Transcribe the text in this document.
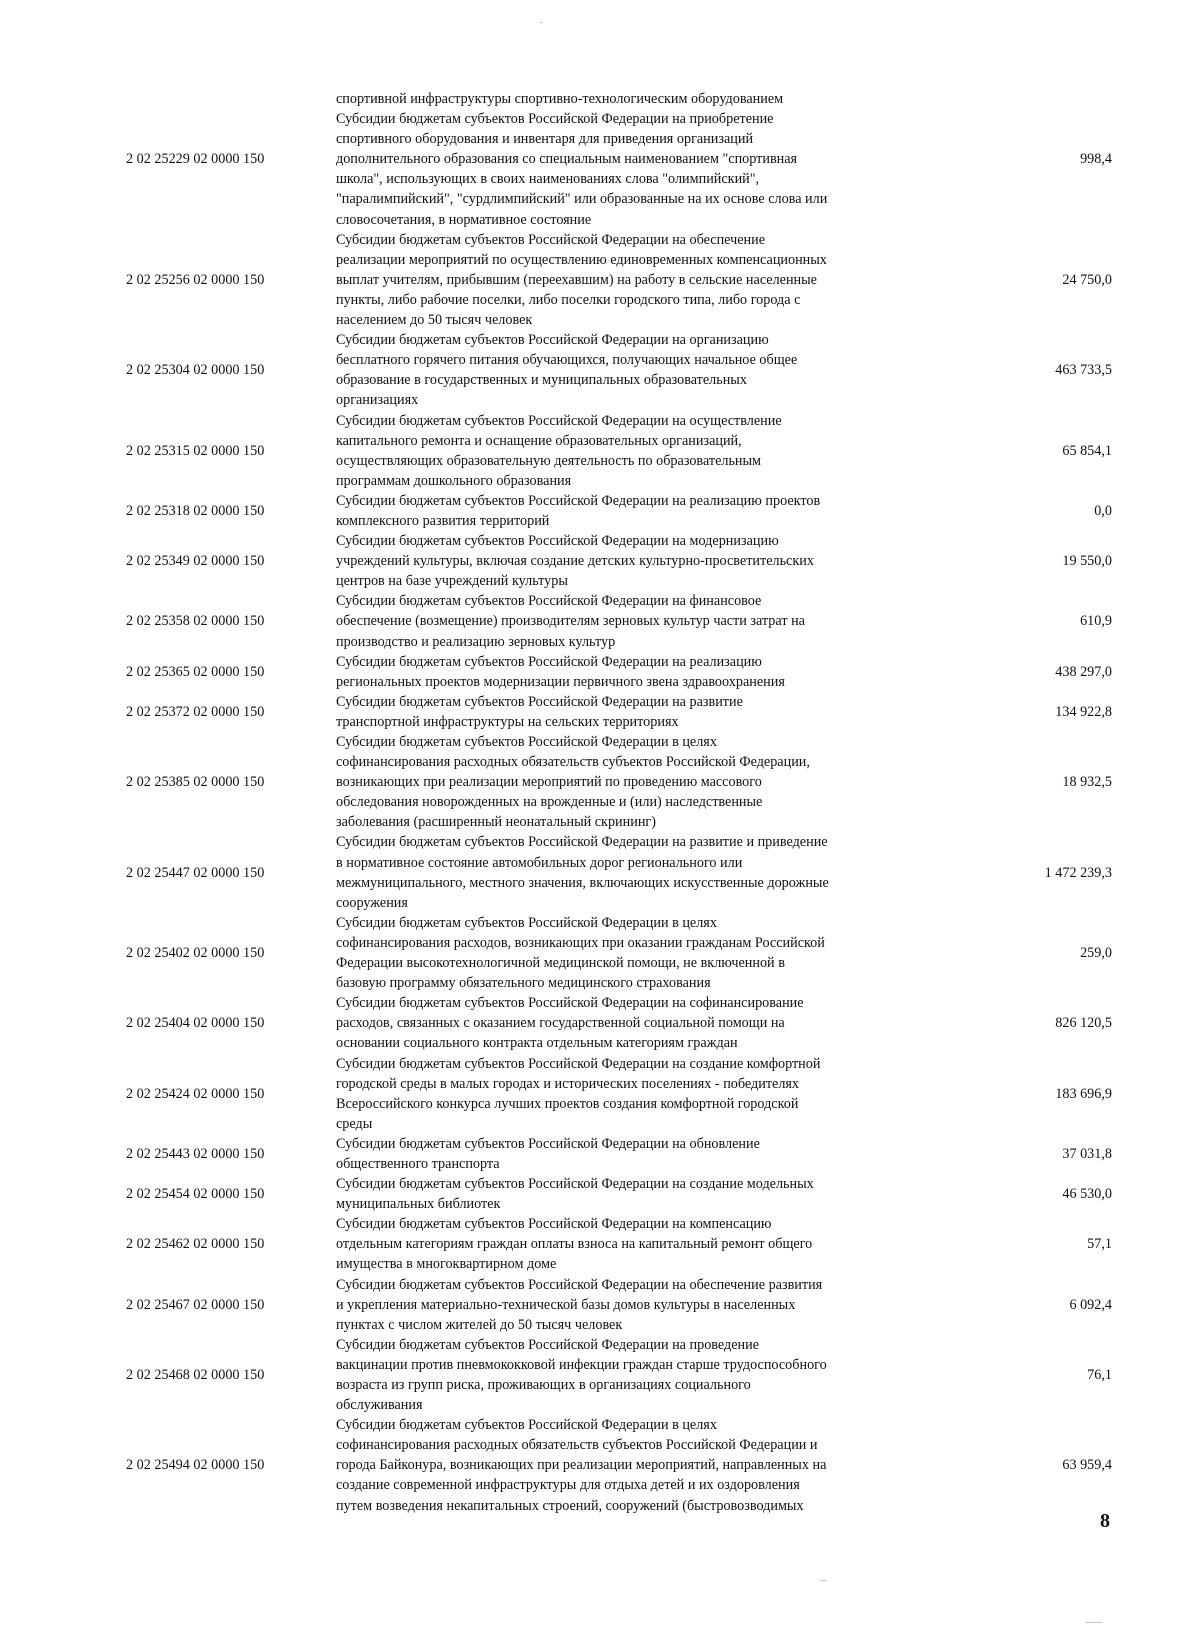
2 02 25229 02 0000 150
спортивной инфраструктуры спортивно-технологическим оборудованием
Субсидии бюджетам субъектов Российской Федерации на приобретение
спортивного оборудования и инвентаря для приведения организаций
дополнительного образования со специальным наименованием "спортивная
школа", использующих в своих наименованиях слова "олимпийский",
"паралимпийский", "сурдлимпийский" или образованные на их основе слова или
словосочетания, в нормативное состояние
998,4
2 02 25256 02 0000 150
Субсидии бюджетам субъектов Российской Федерации на обеспечение
реализации мероприятий по осуществлению единовременных компенсационных
выплат учителям, прибывшим (переехавшим) на работу в сельские населенные
пункты, либо рабочие поселки, либо поселки городского типа, либо города с
населением до 50 тысяч человек
24 750,0
2 02 25304 02 0000 150
Субсидии бюджетам субъектов Российской Федерации на организацию
бесплатного горячего питания обучающихся, получающих начальное общее
образование в государственных и муниципальных образовательных
организациях
463 733,5
2 02 25315 02 0000 150
Субсидии бюджетам субъектов Российской Федерации на осуществление
капитального ремонта и оснащение образовательных организаций,
осуществляющих образовательную деятельность по образовательным
программам дошкольного образования
65 854,1
2 02 25318 02 0000 150
Субсидии бюджетам субъектов Российской Федерации на реализацию проектов
комплексного развития территорий
0,0
2 02 25349 02 0000 150
Субсидии бюджетам субъектов Российской Федерации на модернизацию
учреждений культуры, включая создание детских культурно-просветительских
центров на базе учреждений культуры
19 550,0
2 02 25358 02 0000 150
Субсидии бюджетам субъектов Российской Федерации на финансовое
обеспечение (возмещение) производителям зерновых культур части затрат на
производство и реализацию зерновых культур
610,9
2 02 25365 02 0000 150
Субсидии бюджетам субъектов Российской Федерации на реализацию
региональных проектов модернизации первичного звена здравоохранения
438 297,0
2 02 25372 02 0000 150
Субсидии бюджетам субъектов Российской Федерации на развитие
транспортной инфраструктуры на сельских территориях
134 922,8
2 02 25385 02 0000 150
Субсидии бюджетам субъектов Российской Федерации в целях
софинансирования расходных обязательств субъектов Российской Федерации,
возникающих при реализации мероприятий по проведению массового
обследования новорожденных на врожденные и (или) наследственные
заболевания (расширенный неонатальный скрининг)
18 932,5
2 02 25447 02 0000 150
Субсидии бюджетам субъектов Российской Федерации на развитие и приведение
в нормативное состояние автомобильных дорог регионального или
межмуниципального, местного значения, включающих искусственные дорожные
сооружения
1 472 239,3
2 02 25402 02 0000 150
Субсидии бюджетам субъектов Российской Федерации в целях
софинансирования расходов, возникающих при оказании гражданам Российской
Федерации высокотехнологичной медицинской помощи, не включенной в
базовую программу обязательного медицинского страхования
259,0
2 02 25404 02 0000 150
Субсидии бюджетам субъектов Российской Федерации на софинансирование
расходов, связанных с оказанием государственной социальной помощи на
основании социального контракта отдельным категориям граждан
826 120,5
2 02 25424 02 0000 150
Субсидии бюджетам субъектов Российской Федерации на создание комфортной
городской среды в малых городах и исторических поселениях - победителях
Всероссийского конкурса лучших проектов создания комфортной городской
среды
183 696,9
2 02 25443 02 0000 150
Субсидии бюджетам субъектов Российской Федерации на обновление
общественного транспорта
37 031,8
2 02 25454 02 0000 150
Субсидии бюджетам субъектов Российской Федерации на создание модельных
муниципальных библиотек
46 530,0
2 02 25462 02 0000 150
Субсидии бюджетам субъектов Российской Федерации на компенсацию
отдельным категориям граждан оплаты взноса на капитальный ремонт общего
имущества в многоквартирном доме
57,1
2 02 25467 02 0000 150
Субсидии бюджетам субъектов Российской Федерации на обеспечение развития
и укрепления материально-технической базы домов культуры в населенных
пунктах с числом жителей до 50 тысяч человек
6 092,4
2 02 25468 02 0000 150
Субсидии бюджетам субъектов Российской Федерации на проведение
вакцинации против пневмококковой инфекции граждан старше трудоспособного
возраста из групп риска, проживающих в организациях социального
обслуживания
76,1
2 02 25494 02 0000 150
Субсидии бюджетам субъектов Российской Федерации в целях
софинансирования расходных обязательств субъектов Российской Федерации и
города Байконура, возникающих при реализации мероприятий, направленных на
создание современной инфраструктуры для отдыха детей и их оздоровления
путем возведения некапитальных строений, сооружений (быстровозводимых
63 959,4
8
